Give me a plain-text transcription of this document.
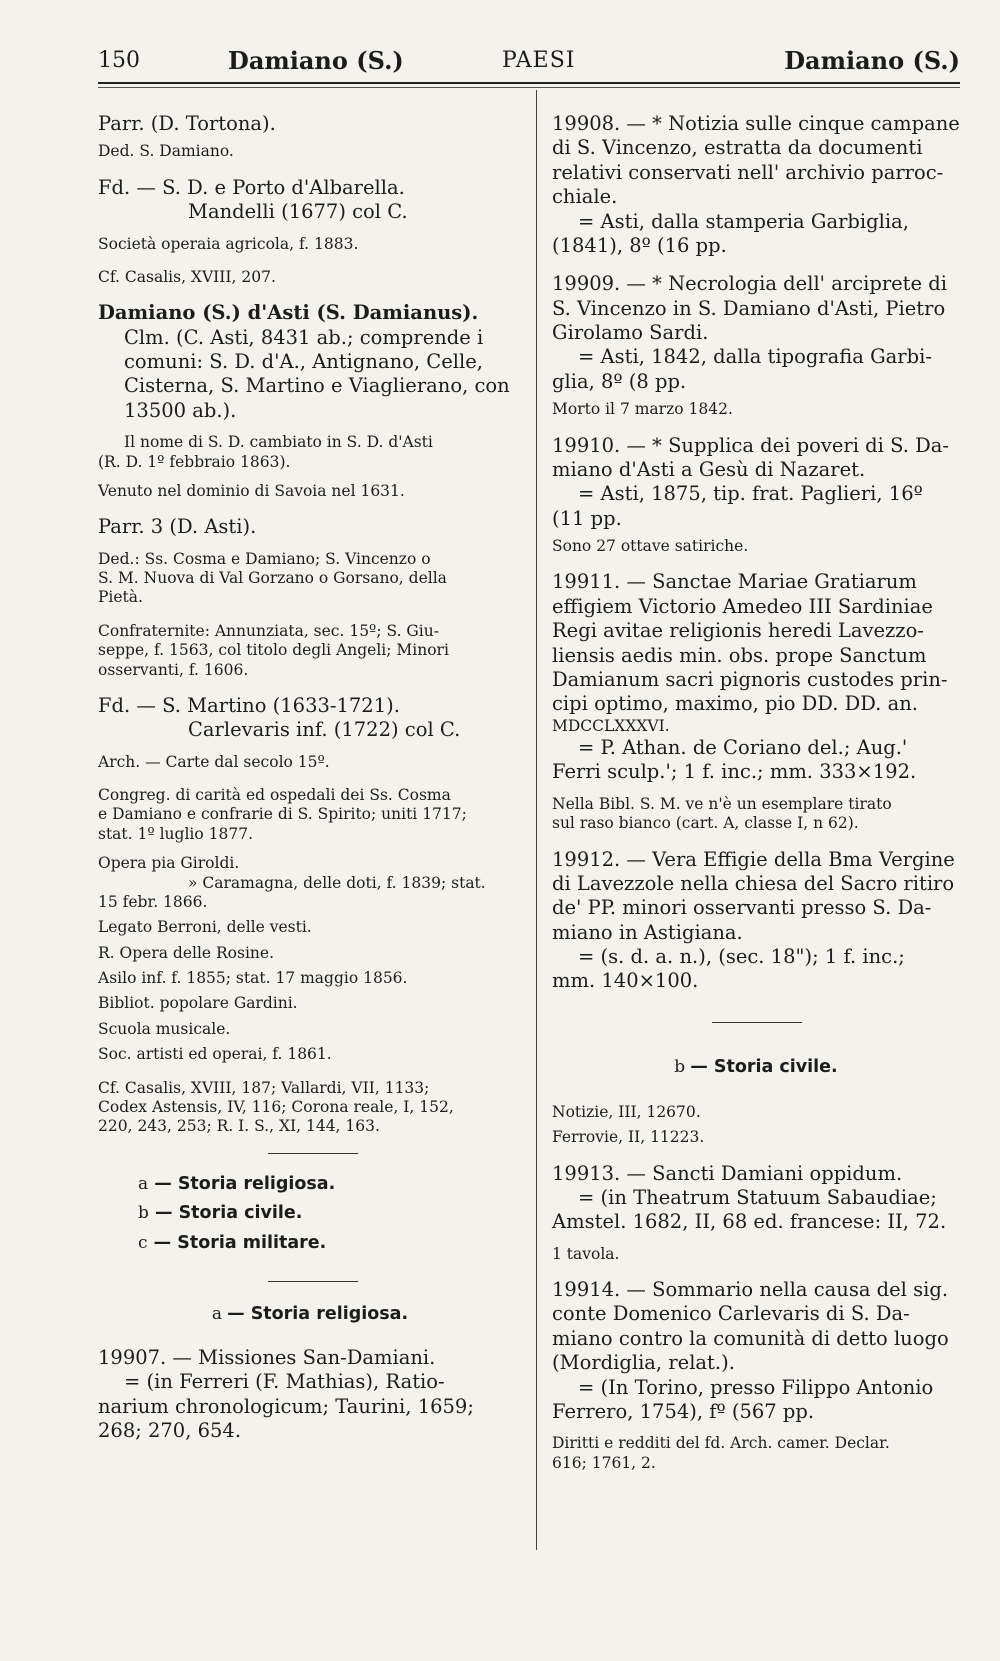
150	Damiano (S.)	PAESI	Damiano (S.)
Parr. (D. Tortona).
Ded. S. Damiano.
Fd. — S. D. e Porto d'Albarella.
Mandelli (1677) col C.
Società operaia agricola, f. 1883.
Cf. Casalis, XVIII, 207.
Damiano (S.) d'Asti (S. Damianus).
Clm. (C. Asti, 8431 ab.; comprende i
comuni: S. D. d'A., Antignano, Celle,
Cisterna, S. Martino e Viaglierano, con
13500 ab.).
Il nome di S. D. cambiato in S. D. d'Asti
(R. D. 1º febbraio 1863).
Venuto nel dominio di Savoia nel 1631.
Parr. 3 (D. Asti).
Ded.: Ss. Cosma e Damiano; S. Vincenzo o
S. M. Nuova di Val Gorzano o Gorsano, della
Pietà.
Confraternite: Annunziata, sec. 15º; S. Giu-
seppe, f. 1563, col titolo degli Angeli; Minori
osservanti, f. 1606.
Fd. — S. Martino (1633-1721).
Carlevaris inf. (1722) col C.
Arch. — Carte dal secolo 15º.
Congreg. di carità ed ospedali dei Ss. Cosma
e Damiano e confrarie di S. Spirito; uniti 1717;
stat. 1º luglio 1877.
Opera pia Giroldi.
» Caramagna, delle doti, f. 1839; stat.
15 febr. 1866.
Legato Berroni, delle vesti.
R. Opera delle Rosine.
Asilo inf. f. 1855; stat. 17 maggio 1856.
Bibliot. popolare Gardini.
Scuola musicale.
Soc. artisti ed operai, f. 1861.
Cf. Casalis, XVIII, 187; Vallardi, VII, 1133;
Codex Astensis, IV, 116; Corona reale, I, 152,
220, 243, 253; R. I. S., XI, 144, 163.
a — Storia religiosa.
b — Storia civile.
c — Storia militare.
a — Storia religiosa.
19907. — Missiones San-Damiani.
= (in Ferreri (F. Mathias), Ratio-
narium chronologicum; Taurini, 1659;
268; 270, 654.
19908. — * Notizia sulle cinque campane
di S. Vincenzo, estratta da documenti
relativi conservati nell' archivio parroc-
chiale.
= Asti, dalla stamperia Garbiglia,
(1841), 8º (16 pp.
19909. — * Necrologia dell' arciprete di
S. Vincenzo in S. Damiano d'Asti, Pietro
Girolamo Sardi.
= Asti, 1842, dalla tipografia Garbi-
glia, 8º (8 pp.
Morto il 7 marzo 1842.
19910. — * Supplica dei poveri di S. Da-
miano d'Asti a Gesù di Nazaret.
= Asti, 1875, tip. frat. Paglieri, 16º
(11 pp.
Sono 27 ottave satiriche.
19911. — Sanctae Mariae Gratiarum
effigiem Victorio Amedeo III Sardiniae
Regi avitae religionis heredi Lavezzo-
liensis aedis min. obs. prope Sanctum
Damianum sacri pignoris custodes prin-
cipi optimo, maximo, pio DD. DD. an.
MDCCLXXXVI.
= P. Athan. de Coriano del.; Aug.'
Ferri sculp.'; 1 f. inc.; mm. 333×192.
Nella Bibl. S. M. ve n'è un esemplare tirato
sul raso bianco (cart. A, classe I, n 62).
19912. — Vera Effigie della Bma Vergine
di Lavezzole nella chiesa del Sacro ritiro
de' PP. minori osservanti presso S. Da-
miano in Astigiana.
= (s. d. a. n.), (sec. 18"); 1 f. inc.;
mm. 140×100.
b — Storia civile.
Notizie, III, 12670.
Ferrovie, II, 11223.
19913. — Sancti Damiani oppidum.
= (in Theatrum Statuum Sabaudiae;
Amstel. 1682, II, 68 ed. francese: II, 72.
1 tavola.
19914. — Sommario nella causa del sig.
conte Domenico Carlevaris di S. Da-
miano contro la comunità di detto luogo
(Mordiglia, relat.).
= (In Torino, presso Filippo Antonio
Ferrero, 1754), fº (567 pp.
Diritti e redditi del fd. Arch. camer. Declar.
616; 1761, 2.
